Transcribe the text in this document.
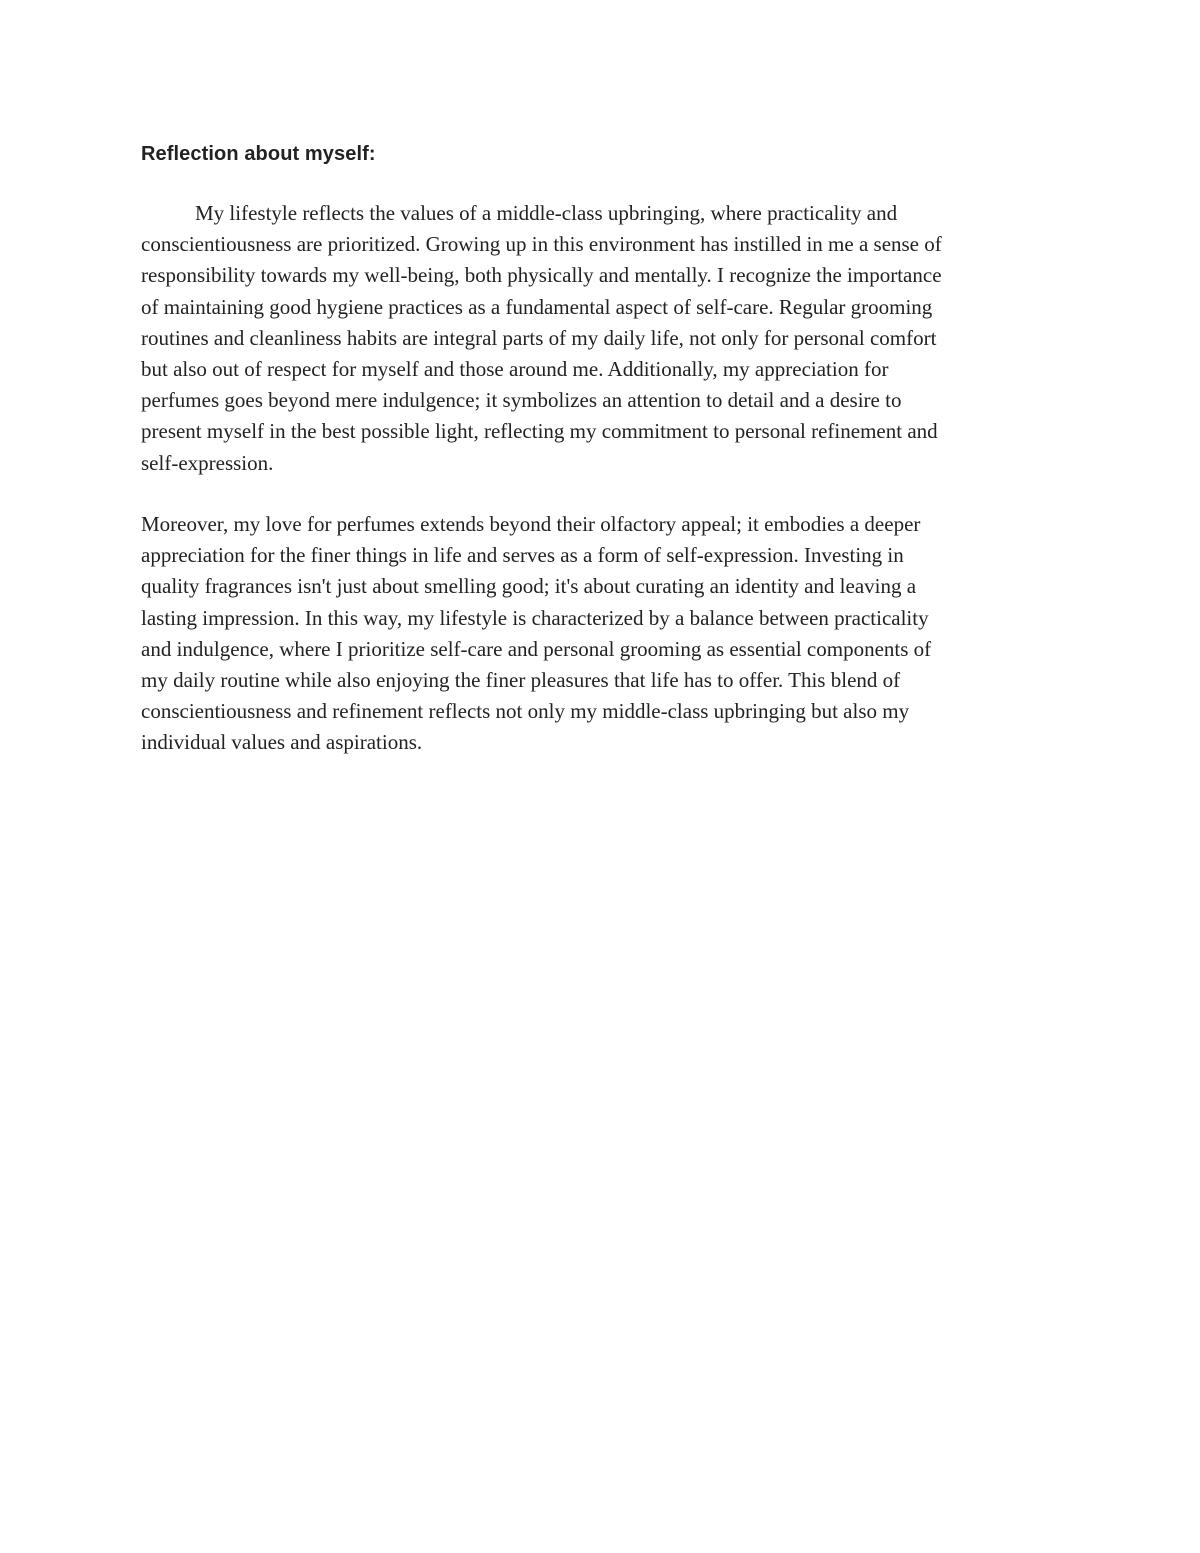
Reflection about myself:

My lifestyle reflects the values of a middle-class upbringing, where practicality and
conscientiousness are prioritized. Growing up in this environment has instilled in me a sense of
responsibility towards my well-being, both physically and mentally. I recognize the importance
of maintaining good hygiene practices as a fundamental aspect of self-care. Regular grooming
routines and cleanliness habits are integral parts of my daily life, not only for personal comfort
but also out of respect for myself and those around me. Additionally, my appreciation for
perfumes goes beyond mere indulgence; it symbolizes an attention to detail and a desire to
present myself in the best possible light, reflecting my commitment to personal refinement and
self-expression.

Moreover, my love for perfumes extends beyond their olfactory appeal; it embodies a deeper
appreciation for the finer things in life and serves as a form of self-expression. Investing in
quality fragrances isn't just about smelling good; it's about curating an identity and leaving a
lasting impression. In this way, my lifestyle is characterized by a balance between practicality
and indulgence, where I prioritize self-care and personal grooming as essential components of
my daily routine while also enjoying the finer pleasures that life has to offer. This blend of
conscientiousness and refinement reflects not only my middle-class upbringing but also my
individual values and aspirations.
